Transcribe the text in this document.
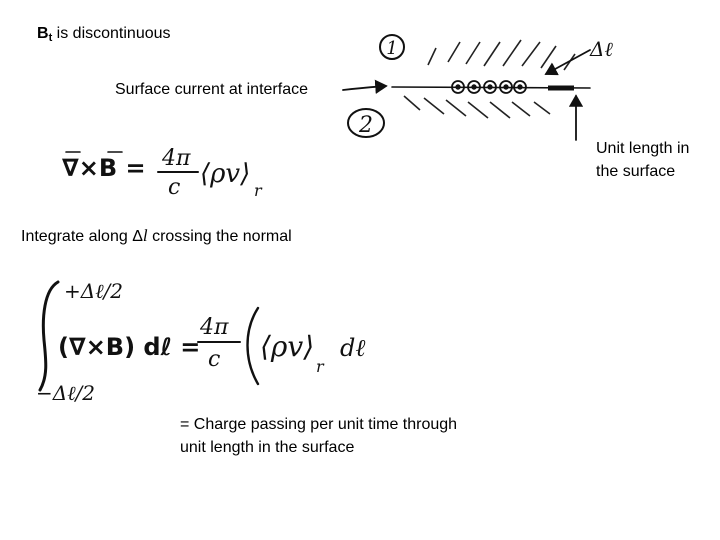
$B_t$ is discontinuous
Surface current at interface
Unit length in
the surface
Integrate along Δl crossing the normal
= Charge passing per unit time through
unit length in the surface
1
2
Δℓ
∇×B = 4π
c ⟨ρv⟩
r
+Δℓ/2
−Δℓ/2
(∇×B) dℓ =
4π
c ⟨ρv⟩
r
dℓ
